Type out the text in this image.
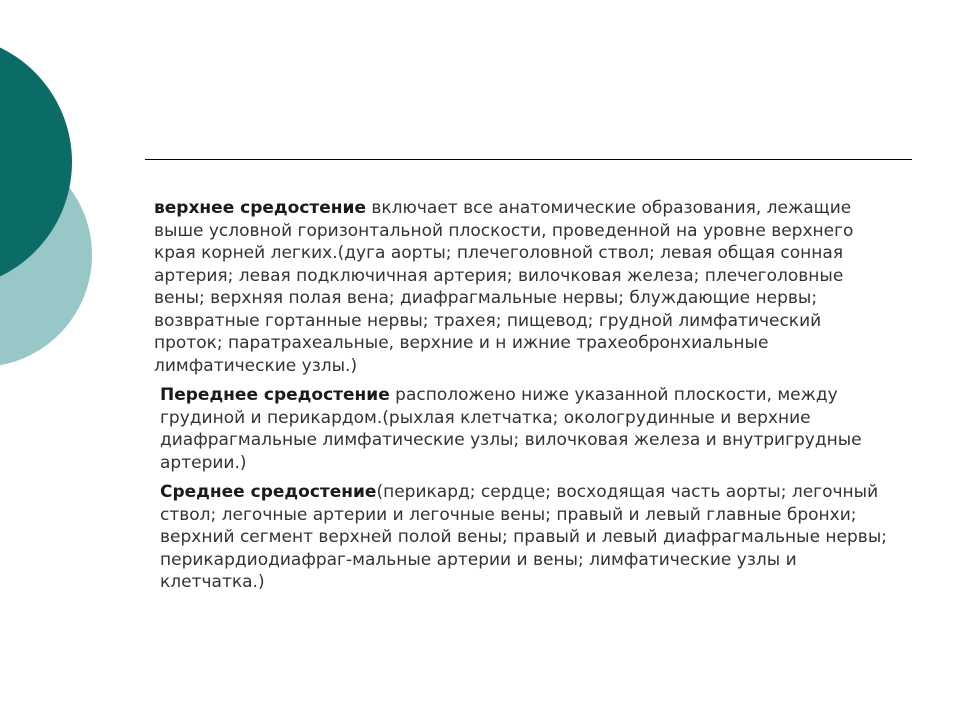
верхнее средостение включает все анатомические образования, лежащие выше условной горизонтальной плоскости, проведенной на уровне верхнего края корней легких.(дуга аорты; плечеголовной ствол; левая общая сонная артерия; левая подключичная артерия; вилочковая железа; плечеголовные вены; верхняя полая вена; диафрагмальные нервы; блуждающие нервы; возвратные гортанные нервы; трахея; пищевод; грудной лимфатический проток; паратрахеальные, верхние и н ижние трахеобронхиальные лимфатические узлы.)

Переднее средостение расположено ниже указанной плоскости, между грудиной и перикардом.(рыхлая клетчатка; окологрудинные и верхние диафрагмальные лимфатические узлы; вилочковая железа и внутригрудные артерии.)

Среднее средостение(перикард; сердце; восходящая часть аорты; легочный ствол; легочные артерии и легочные вены; правый и левый главные бронхи; верхний сегмент верхней полой вены; правый и левый диафрагмальные нервы; перикардиодиафраг-мальные артерии и вены; лимфатические узлы и клетчатка.)
